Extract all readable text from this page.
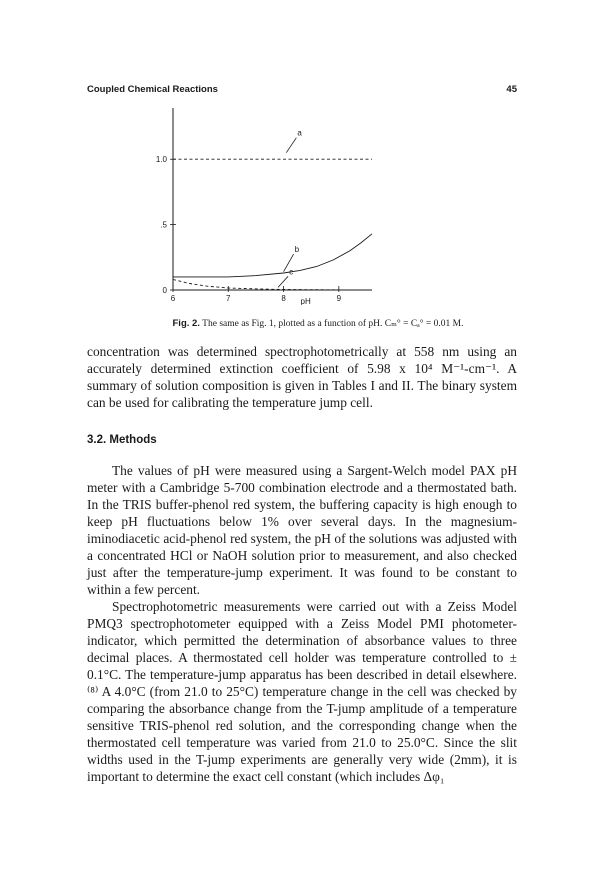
Coupled Chemical Reactions	45
6	7	8	9
0
.5
1.0
pH
a
b
c
Fig. 2. The same as Fig. 1, plotted as a function of pH. Cₘ° = Cₐ° = 0.01 M.

concentration was determined spectrophotometrically at 558 nm using an accurately determined extinction coefficient of 5.98 x 10⁴ M⁻¹-cm⁻¹. A summary of solution composition is given in Tables I and II. The binary system can be used for calibrating the temperature jump cell.

3.2. Methods

The values of pH were measured using a Sargent-Welch model PAX pH meter with a Cambridge 5-700 combination electrode and a thermostated bath. In the TRIS buffer-phenol red system, the buffering capacity is high enough to keep pH fluctuations below 1% over several days. In the magnesium-iminodiacetic acid-phenol red system, the pH of the solutions was adjusted with a concentrated HCl or NaOH solution prior to measurement, and also checked just after the temperature-jump experiment. It was found to be constant to within a few percent.

Spectrophotometric measurements were carried out with a Zeiss Model PMQ3 spectrophotometer equipped with a Zeiss Model PMI photometer-indicator, which permitted the determination of absorbance values to three decimal places. A thermostated cell holder was temperature controlled to ± 0.1°C. The temperature-jump apparatus has been described in detail elsewhere.⁽⁸⁾ A 4.0°C (from 21.0 to 25°C) temperature change in the cell was checked by comparing the absorbance change from the T-jump amplitude of a temperature sensitive TRIS-phenol red solution, and the corresponding change when the thermostated cell temperature was varied from 21.0 to 25.0°C. Since the slit widths used in the T-jump experiments are generally very wide (2mm), it is important to determine the exact cell constant (which includes Δφ₁
